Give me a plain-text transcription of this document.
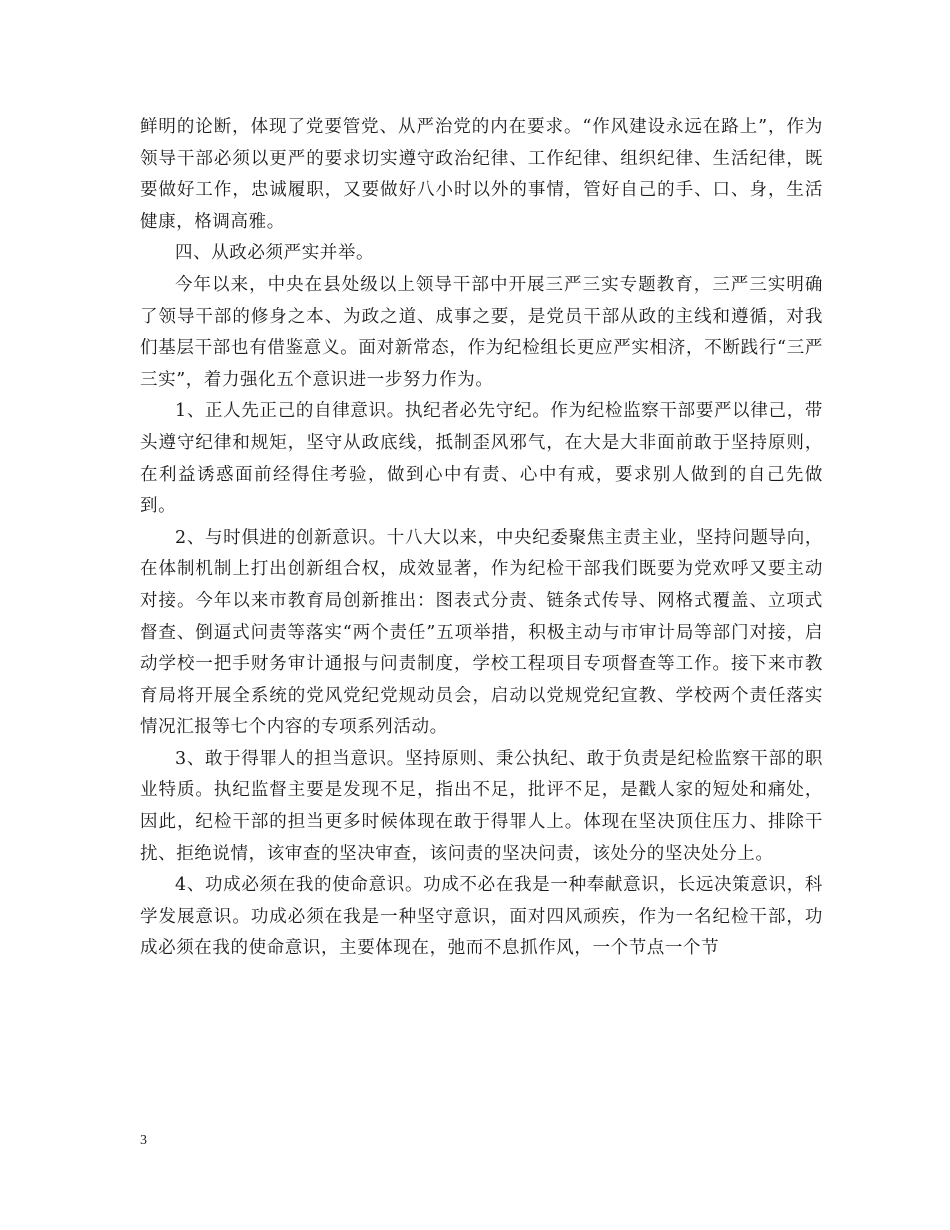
鲜明的论断，体现了党要管党、从严治党的内在要求。“作风建设永远在路上”，作为领导干部必须以更严的要求切实遵守政治纪律、工作纪律、组织纪律、生活纪律，既要做好工作，忠诚履职，又要做好八小时以外的事情，管好自己的手、口、身，生活健康，格调高雅。

四、从政必须严实并举。

今年以来，中央在县处级以上领导干部中开展三严三实专题教育，三严三实明确了领导干部的修身之本、为政之道、成事之要，是党员干部从政的主线和遵循，对我们基层干部也有借鉴意义。面对新常态，作为纪检组长更应严实相济，不断践行“三严三实”，着力强化五个意识进一步努力作为。

1、正人先正己的自律意识。执纪者必先守纪。作为纪检监察干部要严以律己，带头遵守纪律和规矩，坚守从政底线，抵制歪风邪气，在大是大非面前敢于坚持原则，在利益诱惑面前经得住考验，做到心中有责、心中有戒，要求别人做到的自己先做到。

2、与时俱进的创新意识。十八大以来，中央纪委聚焦主责主业，坚持问题导向，在体制机制上打出创新组合权，成效显著，作为纪检干部我们既要为党欢呼又要主动对接。今年以来市教育局创新推出：图表式分责、链条式传导、网格式覆盖、立项式督查、倒逼式问责等落实“两个责任”五项举措，积极主动与市审计局等部门对接，启动学校一把手财务审计通报与问责制度，学校工程项目专项督查等工作。接下来市教育局将开展全系统的党风党纪党规动员会，启动以党规党纪宣教、学校两个责任落实情况汇报等七个内容的专项系列活动。

3、敢于得罪人的担当意识。坚持原则、秉公执纪、敢于负责是纪检监察干部的职业特质。执纪监督主要是发现不足，指出不足，批评不足，是戳人家的短处和痛处，因此，纪检干部的担当更多时候体现在敢于得罪人上。体现在坚决顶住压力、排除干扰、拒绝说情，该审查的坚决审查，该问责的坚决问责，该处分的坚决处分上。

4、功成必须在我的使命意识。功成不必在我是一种奉献意识，长远决策意识，科学发展意识。功成必须在我是一种坚守意识，面对四风顽疾，作为一名纪检干部，功成必须在我的使命意识，主要体现在，弛而不息抓作风，一个节点一个节

3
